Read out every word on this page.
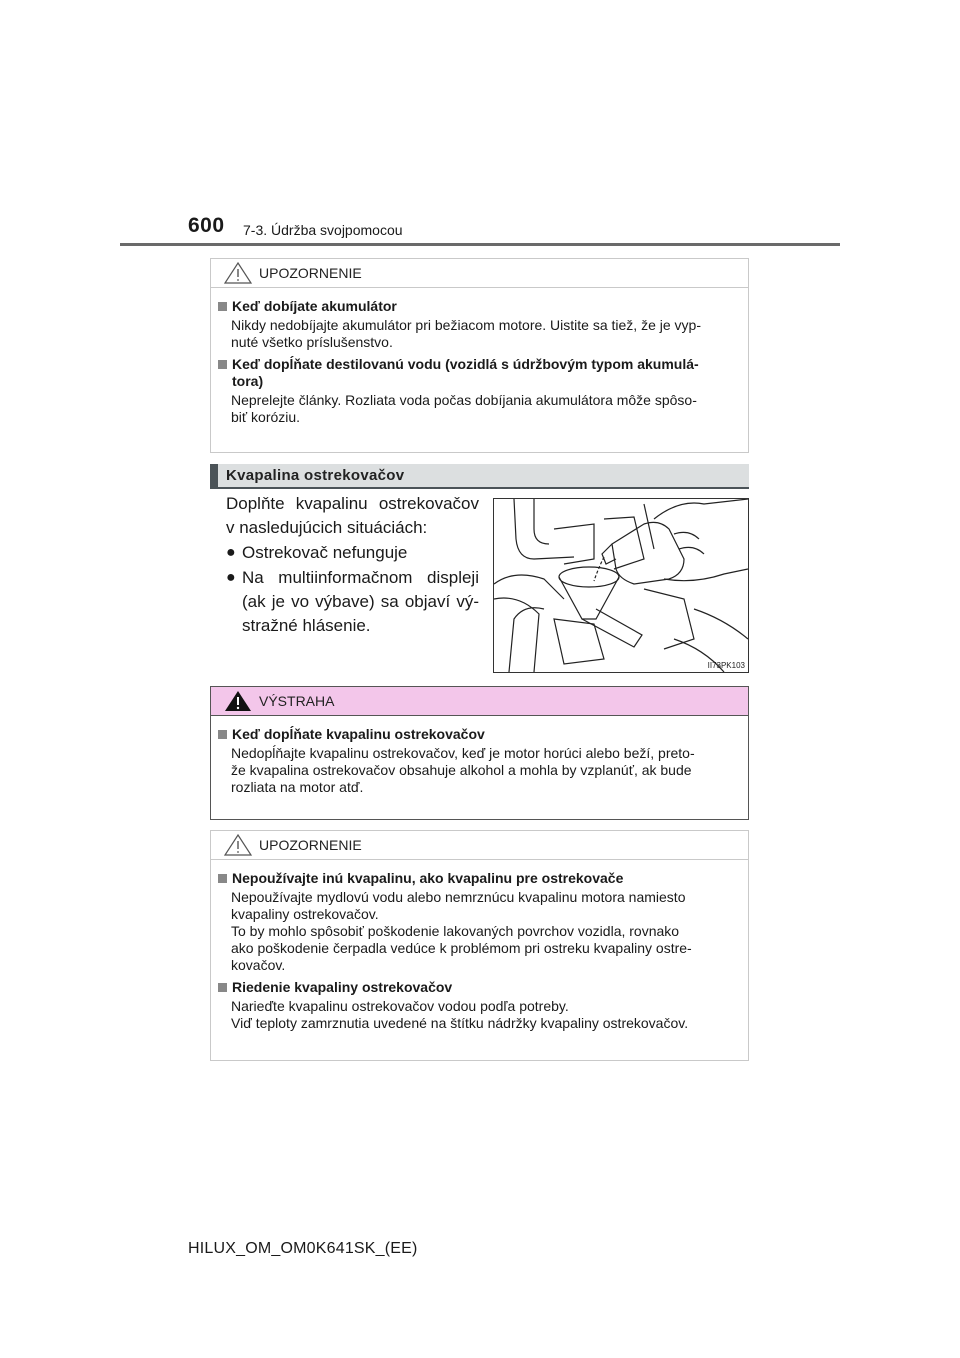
600 7-3. Údržba svojpomocou
UPOZORNENIE
Keď dobíjate akumulátor
Nikdy nedobíjajte akumulátor pri bežiacom motore. Uistite sa tiež, že je vyp-
nuté všetko príslušenstvo.
Keď dopĺňate destilovanú vodu (vozidlá s údržbovým typom akumulá-
tora)
Neprelejte články. Rozliata voda počas dobíjania akumulátora môže spôso-
biť koróziu.
Kvapalina ostrekovačov
Doplňte kvapalinu ostrekovačov v nasledujúcich situáciách:
● Ostrekovač nefunguje
● Na multiinformačnom displeji (ak je vo výbave) sa objaví vý-stražné hlásenie.
II73PK103
VÝSTRAHA
Keď dopĺňate kvapalinu ostrekovačov
Nedopĺňajte kvapalinu ostrekovačov, keď je motor horúci alebo beží, preto-
že kvapalina ostrekovačov obsahuje alkohol a mohla by vzplanúť, ak bude
rozliata na motor atď.
UPOZORNENIE
Nepoužívajte inú kvapalinu, ako kvapalinu pre ostrekovače
Nepoužívajte mydlovú vodu alebo nemrznúcu kvapalinu motora namiesto
kvapaliny ostrekovačov.
To by mohlo spôsobiť poškodenie lakovaných povrchov vozidla, rovnako
ako poškodenie čerpadla vedúce k problémom pri ostreku kvapaliny ostre-
kovačov.
Riedenie kvapaliny ostrekovačov
Narieďte kvapalinu ostrekovačov vodou podľa potreby.
Viď teploty zamrznutia uvedené na štítku nádržky kvapaliny ostrekovačov.
HILUX_OM_OM0K641SK_(EE)
